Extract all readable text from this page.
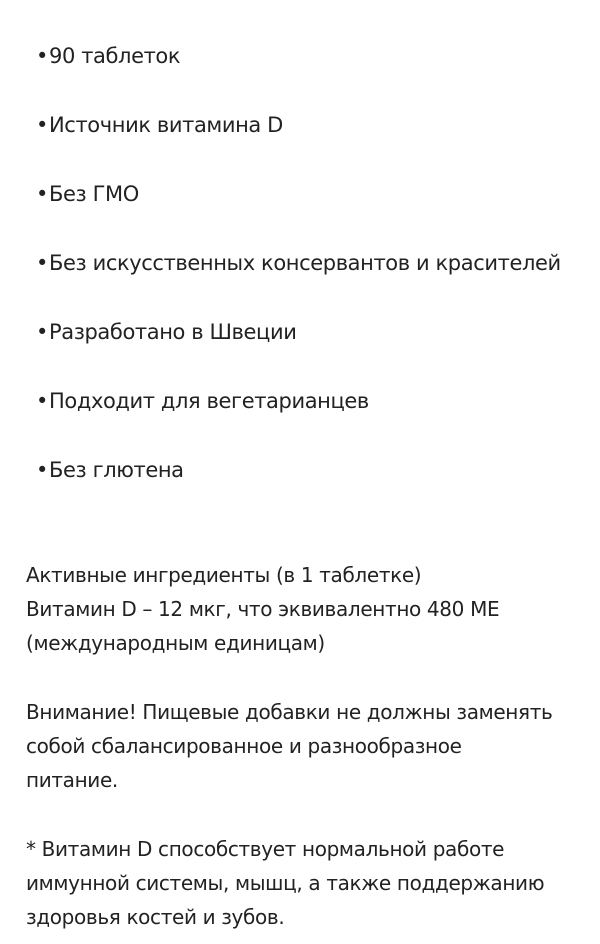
•90 таблеток
•Источник витамина D
•Без ГМО
•Без искусственных консервантов и красителей
•Разработано в Швеции
•Подходит для вегетарианцев
•Без глютена

Активные ингредиенты (в 1 таблетке)
Витамин D – 12 мкг, что эквивалентно 480 МЕ
(международным единицам)

Внимание! Пищевые добавки не должны заменять
собой сбалансированное и разнообразное
питание.

* Витамин D способствует нормальной работе
иммунной системы, мышц, а также поддержанию
здоровья костей и зубов.
